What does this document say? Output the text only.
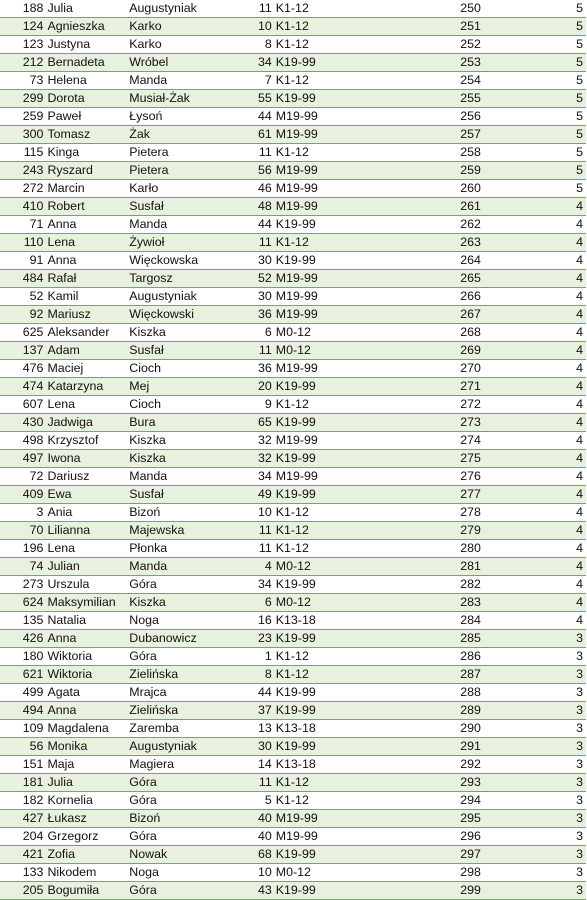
188	Julia	Augustyniak	11	K1-12	250	5
124	Agnieszka	Karko	10	K1-12	251	5
123	Justyna	Karko	8	K1-12	252	5
212	Bernadeta	Wróbel	34	K19-99	253	5
73	Helena	Manda	7	K1-12	254	5
299	Dorota	Musiał-Żak	55	K19-99	255	5
259	Paweł	Łysoń	44	M19-99	256	5
300	Tomasz	Żak	61	M19-99	257	5
115	Kinga	Pietera	11	K1-12	258	5
243	Ryszard	Pietera	56	M19-99	259	5
272	Marcin	Karło	46	M19-99	260	5
410	Robert	Susfał	48	M19-99	261	4
71	Anna	Manda	44	K19-99	262	4
110	Lena	Żywioł	11	K1-12	263	4
91	Anna	Więckowska	30	K19-99	264	4
484	Rafał	Targosz	52	M19-99	265	4
52	Kamil	Augustyniak	30	M19-99	266	4
92	Mariusz	Więckowski	36	M19-99	267	4
625	Aleksander	Kiszka	6	M0-12	268	4
137	Adam	Susfał	11	M0-12	269	4
476	Maciej	Cioch	36	M19-99	270	4
474	Katarzyna	Mej	20	K19-99	271	4
607	Lena	Cioch	9	K1-12	272	4
430	Jadwiga	Bura	65	K19-99	273	4
498	Krzysztof	Kiszka	32	M19-99	274	4
497	Iwona	Kiszka	32	K19-99	275	4
72	Dariusz	Manda	34	M19-99	276	4
409	Ewa	Susfał	49	K19-99	277	4
3	Ania	Bizoń	10	K1-12	278	4
70	Lilianna	Majewska	11	K1-12	279	4
196	Lena	Płonka	11	K1-12	280	4
74	Julian	Manda	4	M0-12	281	4
273	Urszula	Góra	34	K19-99	282	4
624	Maksymilian	Kiszka	6	M0-12	283	4
135	Natalia	Noga	16	K13-18	284	4
426	Anna	Dubanowicz	23	K19-99	285	3
180	Wiktoria	Góra	1	K1-12	286	3
621	Wiktoria	Zielińska	8	K1-12	287	3
499	Agata	Mrajca	44	K19-99	288	3
494	Anna	Zielińska	37	K19-99	289	3
109	Magdalena	Zaremba	13	K13-18	290	3
56	Monika	Augustyniak	30	K19-99	291	3
151	Maja	Magiera	14	K13-18	292	3
181	Julia	Góra	11	K1-12	293	3
182	Kornelia	Góra	5	K1-12	294	3
427	Łukasz	Bizoń	40	M19-99	295	3
204	Grzegorz	Góra	40	M19-99	296	3
421	Zofia	Nowak	68	K19-99	297	3
133	Nikodem	Noga	10	M0-12	298	3
205	Bogumiła	Góra	43	K19-99	299	3
